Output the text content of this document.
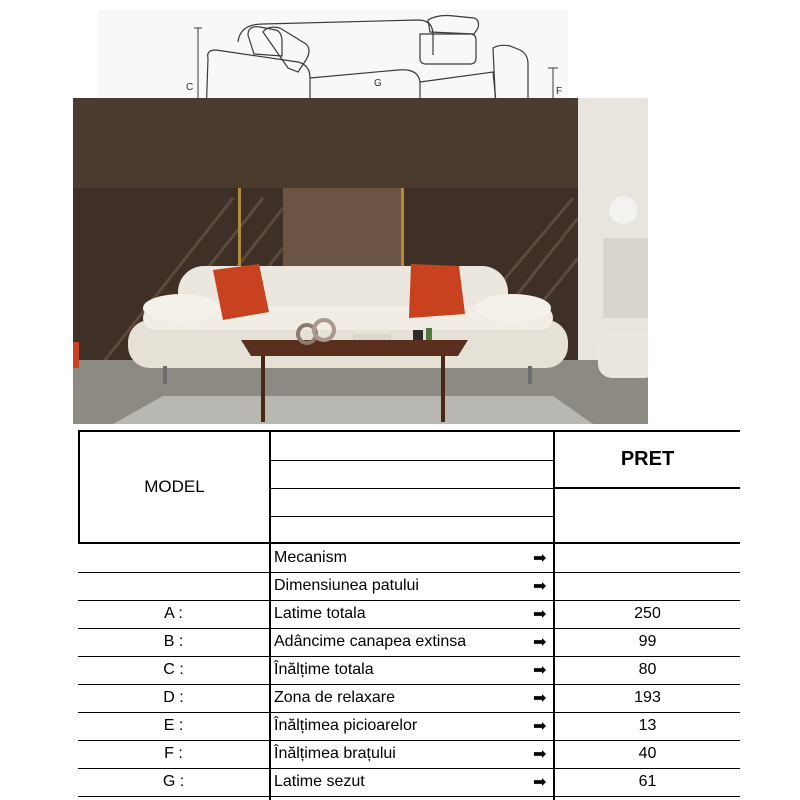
C	F
G
MODEL
PRET
Mecanism	➡
Dimensiunea patului	➡
A :	Latime totala	➡	250
B :	Adâncime canapea extinsa	➡	99
C :	Înălțime totala	➡	80
D :	Zona de relaxare	➡	193
E :	Înălțimea picioarelor	➡	13
F :	Înălțimea brațului	➡	40
G :	Latime sezut	➡	61
